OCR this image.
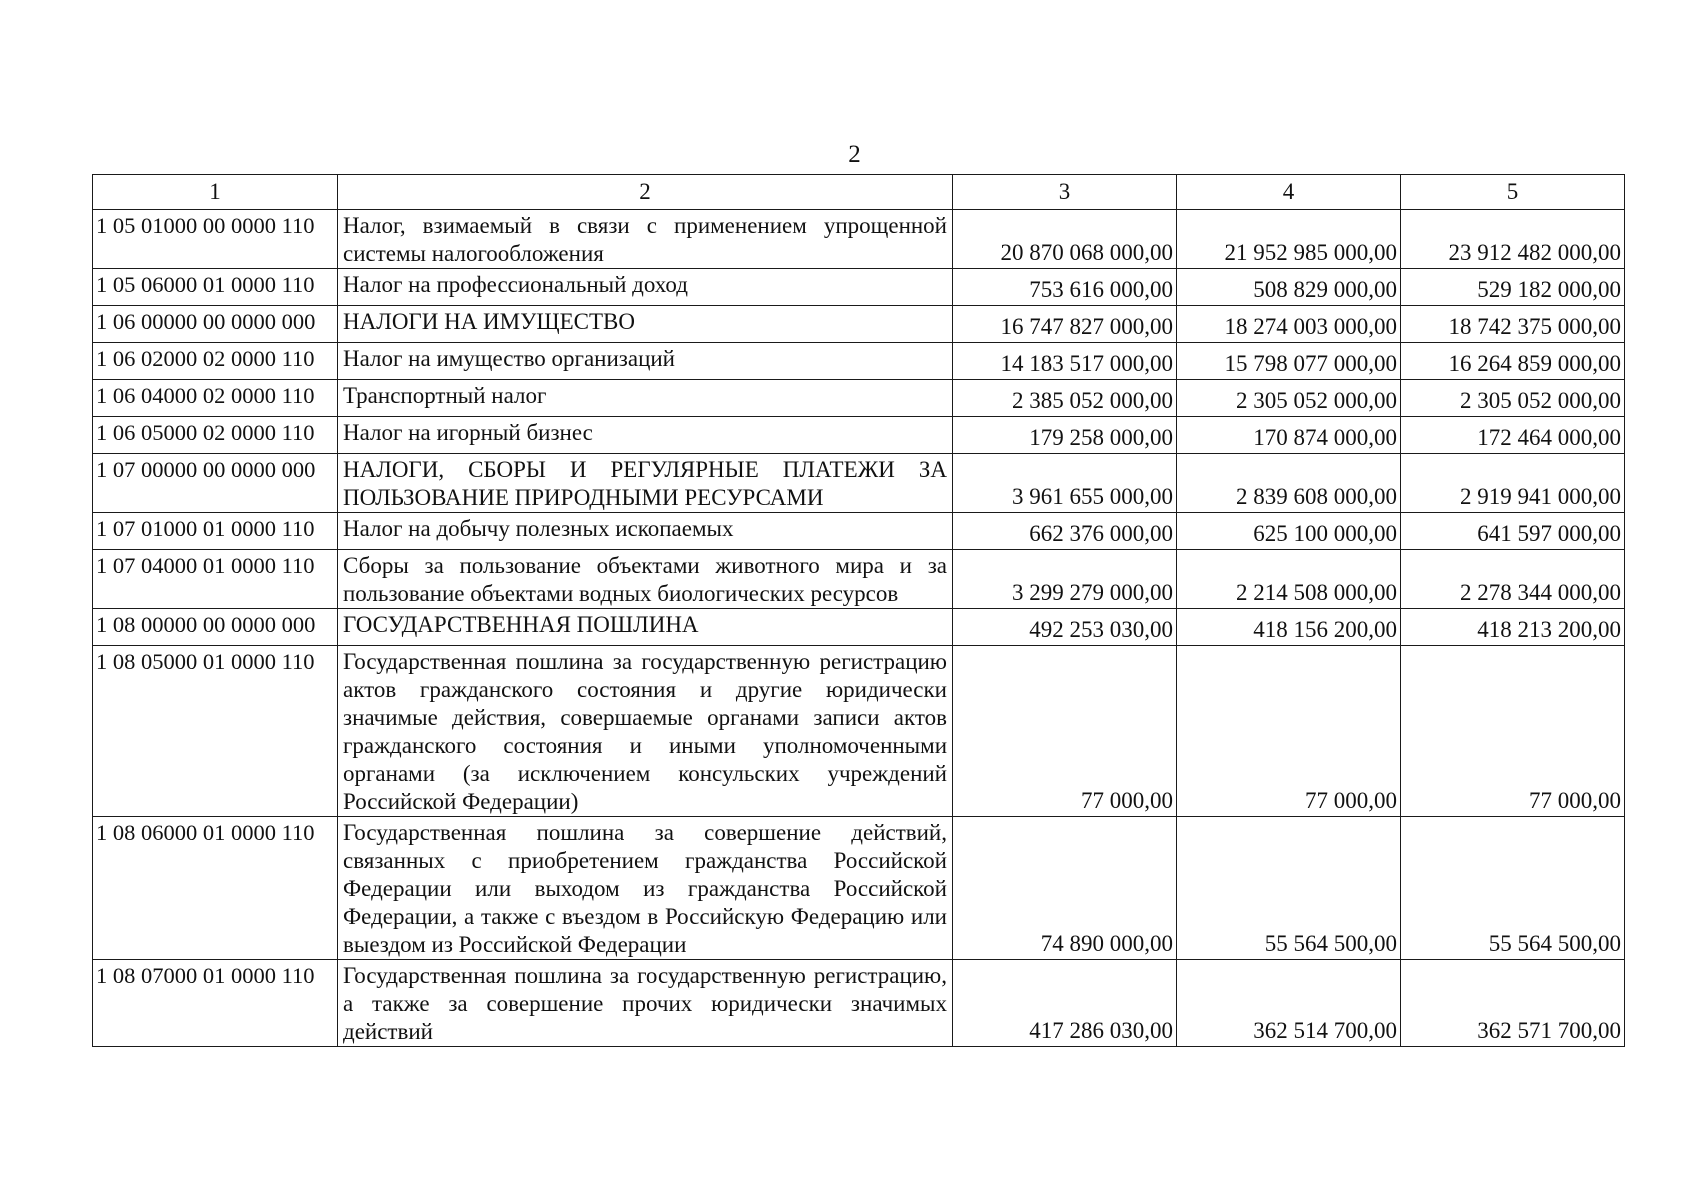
2
1	2	3	4	5
1 05 01000 00 0000 110	Налог, взимаемый в связи с применением упрощенной системы налогообложения	20 870 068 000,00	21 952 985 000,00	23 912 482 000,00
1 05 06000 01 0000 110	Налог на профессиональный доход	753 616 000,00	508 829 000,00	529 182 000,00
1 06 00000 00 0000 000	НАЛОГИ НА ИМУЩЕСТВО	16 747 827 000,00	18 274 003 000,00	18 742 375 000,00
1 06 02000 02 0000 110	Налог на имущество организаций	14 183 517 000,00	15 798 077 000,00	16 264 859 000,00
1 06 04000 02 0000 110	Транспортный налог	2 385 052 000,00	2 305 052 000,00	2 305 052 000,00
1 06 05000 02 0000 110	Налог на игорный бизнес	179 258 000,00	170 874 000,00	172 464 000,00
1 07 00000 00 0000 000	НАЛОГИ, СБОРЫ И РЕГУЛЯРНЫЕ ПЛАТЕЖИ ЗА ПОЛЬЗОВАНИЕ ПРИРОДНЫМИ РЕСУРСАМИ	3 961 655 000,00	2 839 608 000,00	2 919 941 000,00
1 07 01000 01 0000 110	Налог на добычу полезных ископаемых	662 376 000,00	625 100 000,00	641 597 000,00
1 07 04000 01 0000 110	Сборы за пользование объектами животного мира и за пользование объектами водных биологических ресурсов	3 299 279 000,00	2 214 508 000,00	2 278 344 000,00
1 08 00000 00 0000 000	ГОСУДАРСТВЕННАЯ ПОШЛИНА	492 253 030,00	418 156 200,00	418 213 200,00
1 08 05000 01 0000 110	Государственная пошлина за государственную регистрацию актов гражданского состояния и другие юридически значимые действия, совершаемые органами записи актов гражданского состояния и иными уполномоченными органами (за исключением консульских учреждений Российской Федерации)	77 000,00	77 000,00	77 000,00
1 08 06000 01 0000 110	Государственная пошлина за совершение действий, связанных с приобретением гражданства Российской Федерации или выходом из гражданства Российской Федерации, а также с въездом в Российскую Федерацию или выездом из Российской Федерации	74 890 000,00	55 564 500,00	55 564 500,00
1 08 07000 01 0000 110	Государственная пошлина за государственную регистрацию, а также за совершение прочих юридически значимых действий	417 286 030,00	362 514 700,00	362 571 700,00
